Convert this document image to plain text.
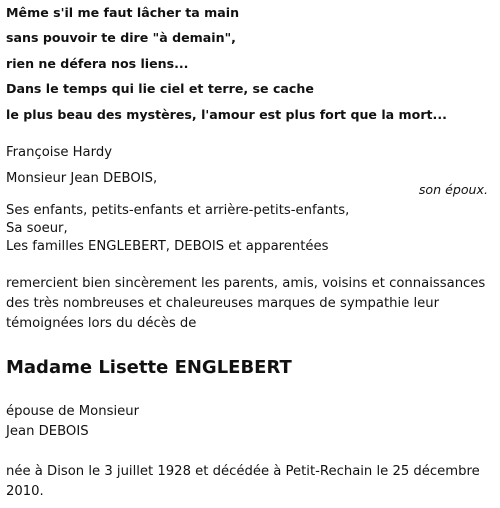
Même s'il me faut lâcher ta main
sans pouvoir te dire "à demain",
rien ne défera nos liens...
Dans le temps qui lie ciel et terre, se cache
le plus beau des mystères, l'amour est plus fort que la mort...
Françoise Hardy
Monsieur Jean DEBOIS,
son époux.
Ses enfants, petits-enfants et arrière-petits-enfants,
Sa soeur,
Les familles ENGLEBERT, DEBOIS et apparentées
remercient bien sincèrement les parents, amis, voisins et connaissances
des très nombreuses et chaleureuses marques de sympathie leur
témoignées lors du décès de
Madame Lisette ENGLEBERT
épouse de Monsieur
Jean DEBOIS
née à Dison le 3 juillet 1928 et décédée à Petit-Rechain le 25 décembre
2010.
